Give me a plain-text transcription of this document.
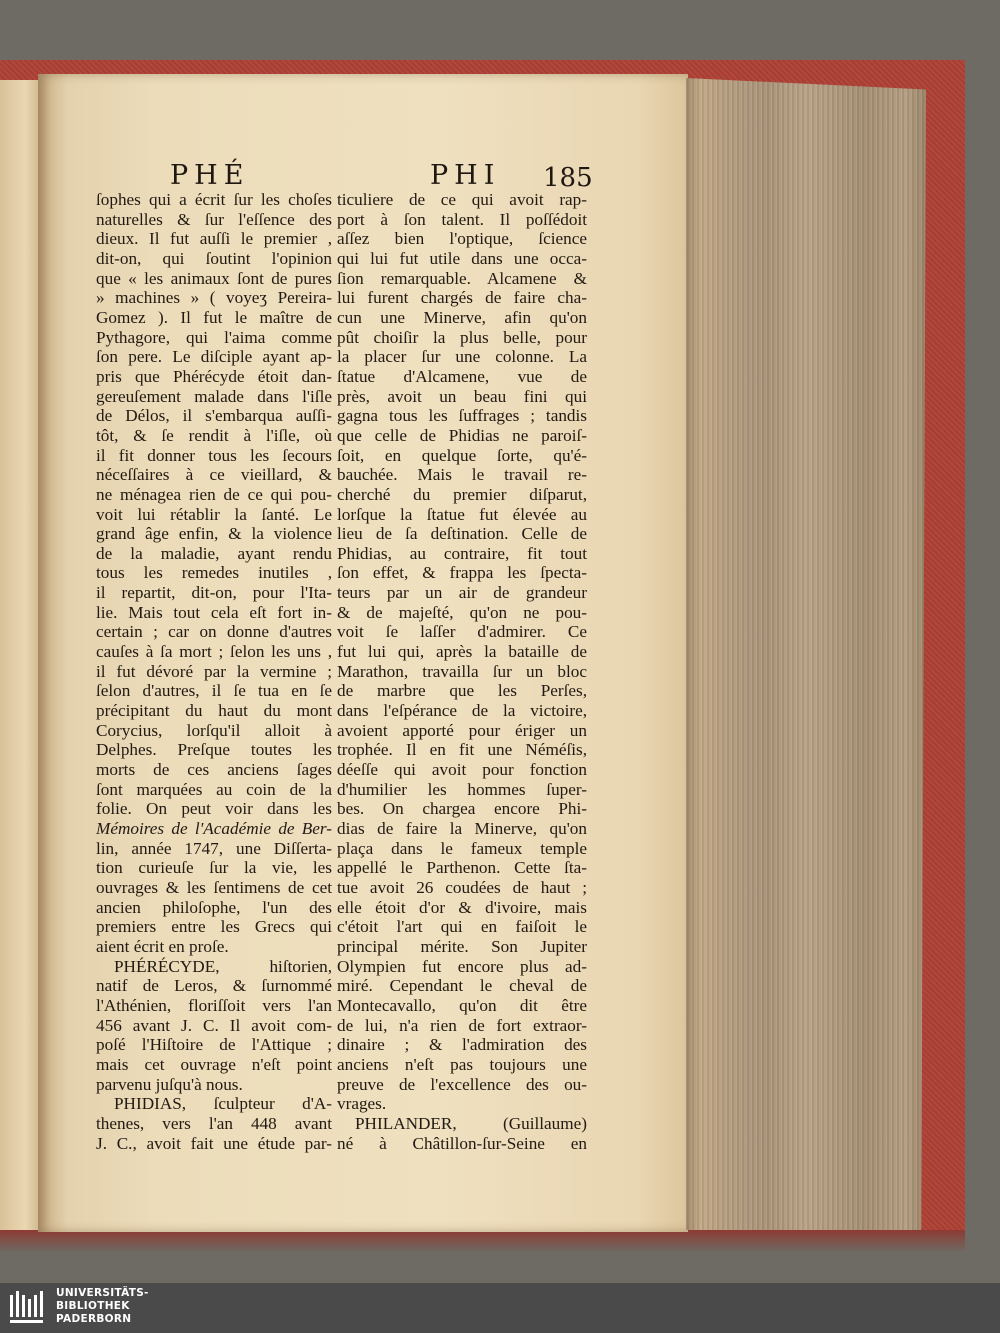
PHÉ	PHI 185
ſophes qui a écrit ſur les choſes
naturelles & ſur l'eſſence des
dieux. Il fut auſſi le premier ,
dit-on, qui ſoutint l'opinion
que « les animaux ſont de pures
» machines » ( voyeʒ Pereira-
Gomez ). Il fut le maître de
Pythagore, qui l'aima comme
ſon pere. Le diſciple ayant ap-
pris que Phérécyde étoit dan-
gereuſement malade dans l'iſle
de Délos, il s'embarqua auſſi-
tôt, & ſe rendit à l'iſle, où
il fit donner tous les ſecours
néceſſaires à ce vieillard, &
ne ménagea rien de ce qui pou-
voit lui rétablir la ſanté. Le
grand âge enfin, & la violence
de la maladie, ayant rendu
tous les remedes inutiles ,
il repartit, dit-on, pour l'Ita-
lie. Mais tout cela eſt fort in-
certain ; car on donne d'autres
cauſes à ſa mort ; ſelon les uns ,
il fut dévoré par la vermine ;
ſelon d'autres, il ſe tua en ſe
précipitant du haut du mont
Corycius, lorſqu'il alloit à
Delphes. Preſque toutes les
morts de ces anciens ſages
ſont marquées au coin de la
folie. On peut voir dans les
Mémoires de l'Académie de Ber-
lin, année 1747, une Diſſerta-
tion curieuſe ſur la vie, les
ouvrages & les ſentimens de cet
ancien philoſophe, l'un des
premiers entre les Grecs qui
aient écrit en proſe.
PHÉRÉCYDE, hiſtorien,
natif de Leros, & ſurnommé
l'Athénien, floriſſoit vers l'an
456 avant J. C. Il avoit com-
poſé l'Hiſtoire de l'Attique ;
mais cet ouvrage n'eſt point
parvenu juſqu'à nous.
PHIDIAS, ſculpteur d'A-
thenes, vers l'an 448 avant
J. C., avoit fait une étude par-
ticuliere de ce qui avoit rap-
port à ſon talent. Il poſſédoit
aſſez bien l'optique, ſcience
qui lui fut utile dans une occa-
ſion remarquable. Alcamene &
lui furent chargés de faire cha-
cun une Minerve, afin qu'on
pût choiſir la plus belle, pour
la placer ſur une colonne. La
ſtatue d'Alcamene, vue de
près, avoit un beau fini qui
gagna tous les ſuffrages ; tandis
que celle de Phidias ne paroiſ-
ſoit, en quelque ſorte, qu'é-
bauchée. Mais le travail re-
cherché du premier diſparut,
lorſque la ſtatue fut élevée au
lieu de ſa deſtination. Celle de
Phidias, au contraire, fit tout
ſon effet, & frappa les ſpecta-
teurs par un air de grandeur
& de majeſté, qu'on ne pou-
voit ſe laſſer d'admirer. Ce
fut lui qui, après la bataille de
Marathon, travailla ſur un bloc
de marbre que les Perſes,
dans l'eſpérance de la victoire,
avoient apporté pour ériger un
trophée. Il en fit une Néméſis,
déeſſe qui avoit pour fonction
d'humilier les hommes ſuper-
bes. On chargea encore Phi-
dias de faire la Minerve, qu'on
plaça dans le fameux temple
appellé le Parthenon. Cette ſta-
tue avoit 26 coudées de haut ;
elle étoit d'or & d'ivoire, mais
c'étoit l'art qui en faiſoit le
principal mérite. Son Jupiter
Olympien fut encore plus ad-
miré. Cependant le cheval de
Montecavallo, qu'on dit être
de lui, n'a rien de fort extraor-
dinaire ; & l'admiration des
anciens n'eſt pas toujours une
preuve de l'excellence des ou-
vrages.
PHILANDER, (Guillaume)
né à Châtillon-ſur-Seine en
UNIVERSITÄTS-
BIBLIOTHEK
PADERBORN
